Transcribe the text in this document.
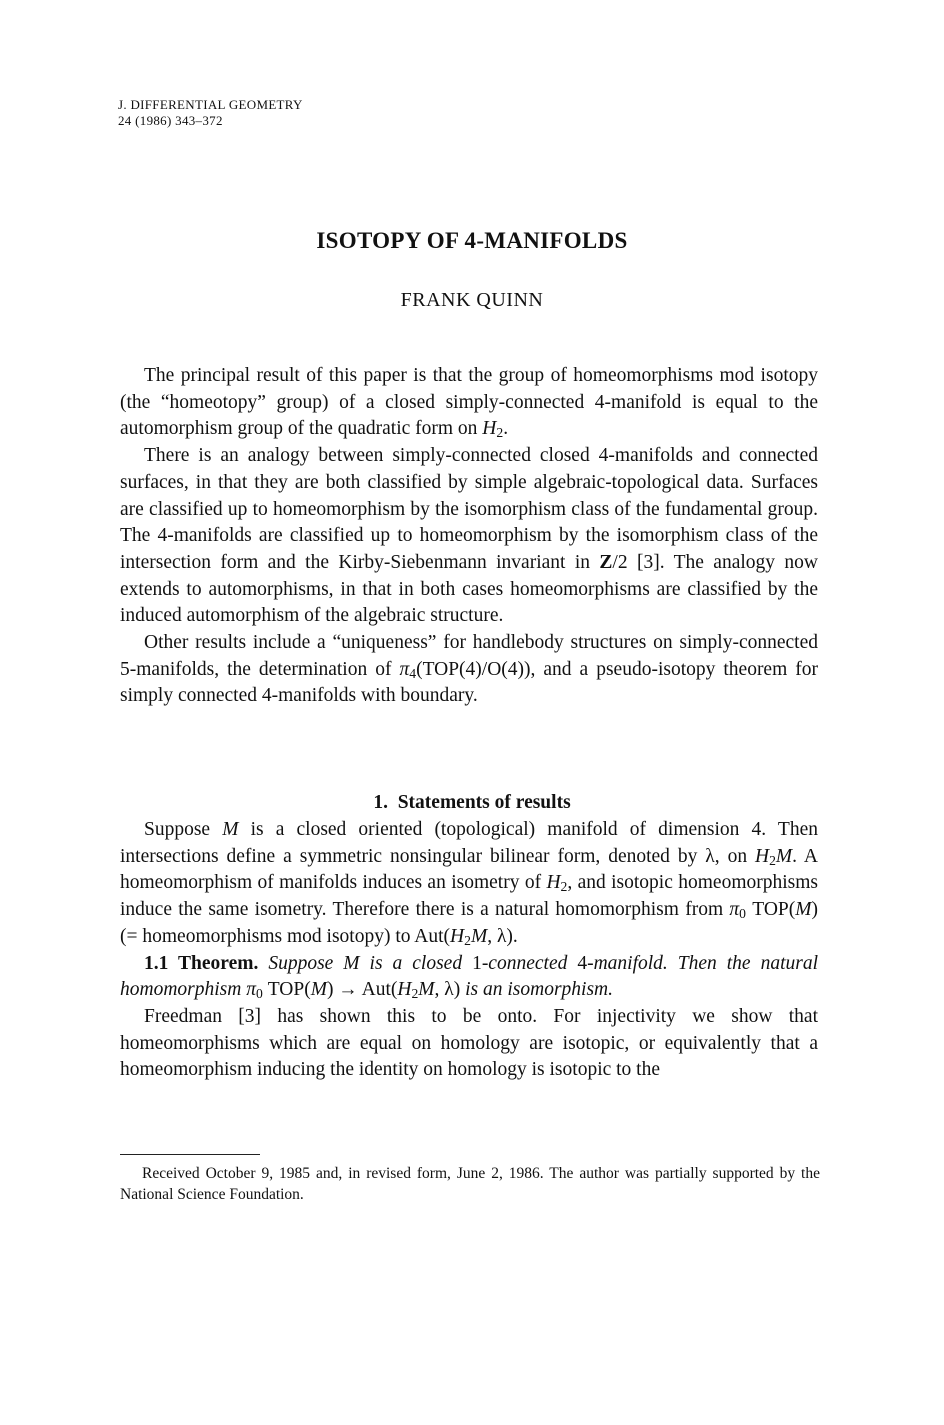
J. DIFFERENTIAL GEOMETRY
24 (1986) 343–372
ISOTOPY OF 4-MANIFOLDS
FRANK QUINN

The principal result of this paper is that the group of homeomorphisms mod isotopy (the “homeotopy” group) of a closed simply-connected 4-manifold is equal to the automorphism group of the quadratic form on $H_2$.

There is an analogy between simply-connected closed 4-manifolds and connected surfaces, in that they are both classified by simple algebraic-topological data. Surfaces are classified up to homeomorphism by the isomorphism class of the fundamental group. The 4-manifolds are classified up to homeomorphism by the isomorphism class of the intersection form and the Kirby-Siebenmann invariant in Z/2 [3]. The analogy now extends to automorphisms, in that in both cases homeomorphisms are classified by the induced automorphism of the algebraic structure.

Other results include a “uniqueness” for handlebody structures on simply-connected 5-manifolds, the determination of $\pi_4(TOP(4)/O(4))$, and a pseudo-isotopy theorem for simply connected 4-manifolds with boundary.

1. Statements of results

Suppose M is a closed oriented (topological) manifold of dimension 4. Then intersections define a symmetric nonsingular bilinear form, denoted by λ, on $H_2M$. A homeomorphism of manifolds induces an isometry of $H_2$, and isotopic homeomorphisms induce the same isometry. Therefore there is a natural homomorphism from $\pi_0$ TOP(M) (= homeomorphisms mod isotopy) to $Aut(H_2M$, λ).

1.1 Theorem. Suppose M is a closed 1-connected 4-manifold. Then the natural homomorphism $\pi_0$ $TOP(M) \to Aut(H_2M$, λ) is an isomorphism.

Freedman [3] has shown this to be onto. For injectivity we show that homeomorphisms which are equal on homology are isotopic, or equivalently that a homeomorphism inducing the identity on homology is isotopic to the

Received October 9, 1985 and, in revised form, June 2, 1986. The author was partially supported by the National Science Foundation.
